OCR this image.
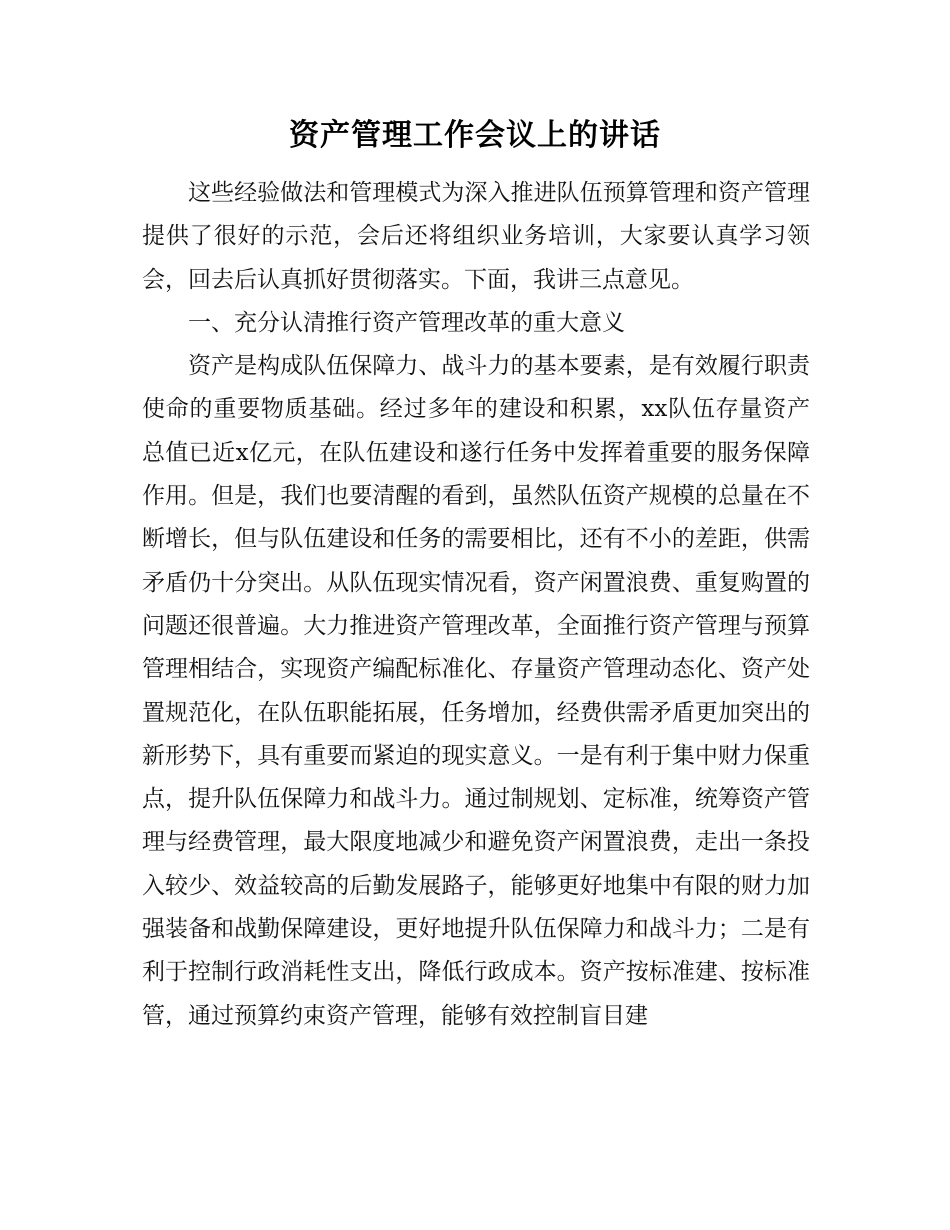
资产管理工作会议上的讲话

这些经验做法和管理模式为深入推进队伍预算管理和资产管理提供了很好的示范，会后还将组织业务培训，大家要认真学习领会，回去后认真抓好贯彻落实。下面，我讲三点意见。

一、充分认清推行资产管理改革的重大意义

资产是构成队伍保障力、战斗力的基本要素，是有效履行职责使命的重要物质基础。经过多年的建设和积累，xx队伍存量资产总值已近x亿元，在队伍建设和遂行任务中发挥着重要的服务保障作用。但是，我们也要清醒的看到，虽然队伍资产规模的总量在不断增长，但与队伍建设和任务的需要相比，还有不小的差距，供需矛盾仍十分突出。从队伍现实情况看，资产闲置浪费、重复购置的问题还很普遍。大力推进资产管理改革，全面推行资产管理与预算管理相结合，实现资产编配标准化、存量资产管理动态化、资产处置规范化，在队伍职能拓展，任务增加，经费供需矛盾更加突出的新形势下，具有重要而紧迫的现实意义。一是有利于集中财力保重点，提升队伍保障力和战斗力。通过制规划、定标准，统筹资产管理与经费管理，最大限度地减少和避免资产闲置浪费，走出一条投入较少、效益较高的后勤发展路子，能够更好地集中有限的财力加强装备和战勤保障建设，更好地提升队伍保障力和战斗力；二是有利于控制行政消耗性支出，降低行政成本。资产按标准建、按标准管，通过预算约束资产管理，能够有效控制盲目建
